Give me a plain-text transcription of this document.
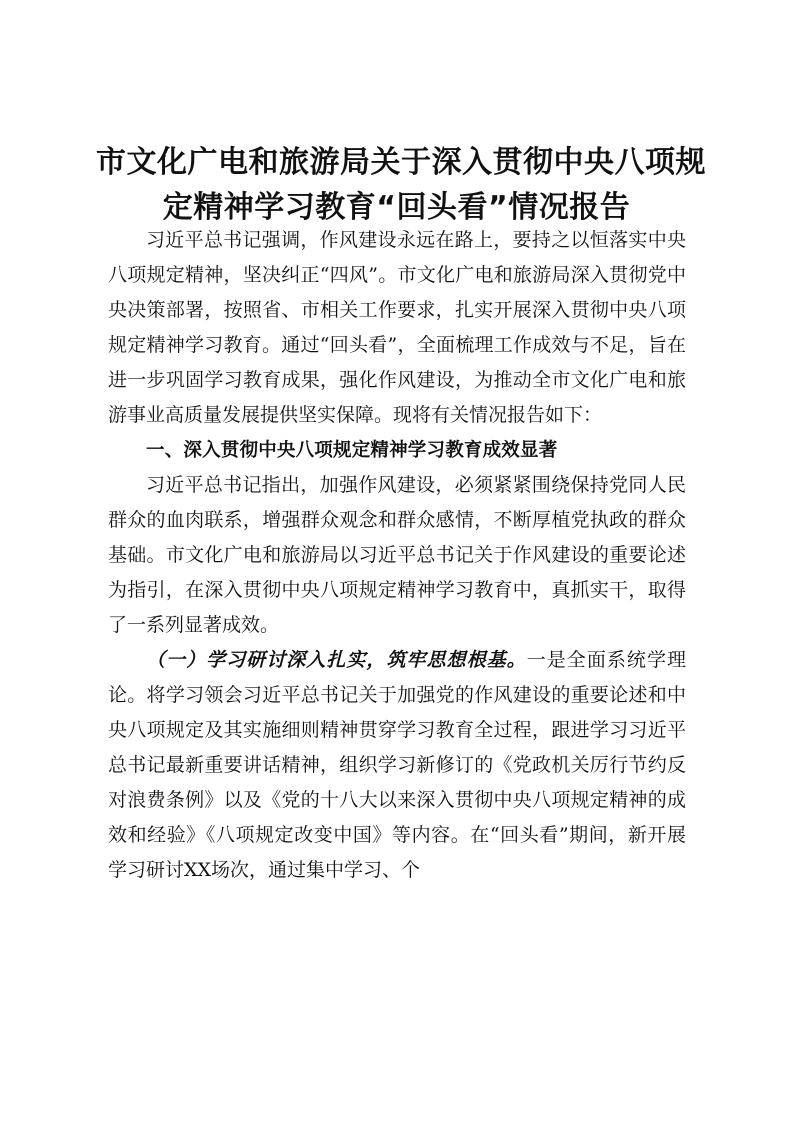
市文化广电和旅游局关于深入贯彻中央八项规
定精神学习教育“回头看”情况报告

习近平总书记强调，作风建设永远在路上，要持之以恒落实中央八项规定精神，坚决纠正“四风”。市文化广电和旅游局深入贯彻党中央决策部署，按照省、市相关工作要求，扎实开展深入贯彻中央八项规定精神学习教育。通过“回头看”，全面梳理工作成效与不足，旨在进一步巩固学习教育成果，强化作风建设，为推动全市文化广电和旅游事业高质量发展提供坚实保障。现将有关情况报告如下：

一、深入贯彻中央八项规定精神学习教育成效显著

习近平总书记指出，加强作风建设，必须紧紧围绕保持党同人民群众的血肉联系，增强群众观念和群众感情，不断厚植党执政的群众基础。市文化广电和旅游局以习近平总书记关于作风建设的重要论述为指引，在深入贯彻中央八项规定精神学习教育中，真抓实干，取得了一系列显著成效。

（一）学习研讨深入扎实，筑牢思想根基。一是全面系统学理论。将学习领会习近平总书记关于加强党的作风建设的重要论述和中央八项规定及其实施细则精神贯穿学习教育全过程，跟进学习习近平总书记最新重要讲话精神，组织学习新修订的《党政机关厉行节约反对浪费条例》以及《党的十八大以来深入贯彻中央八项规定精神的成效和经验》《八项规定改变中国》等内容。在“回头看”期间，新开展学习研讨XX场次，通过集中学习、个
